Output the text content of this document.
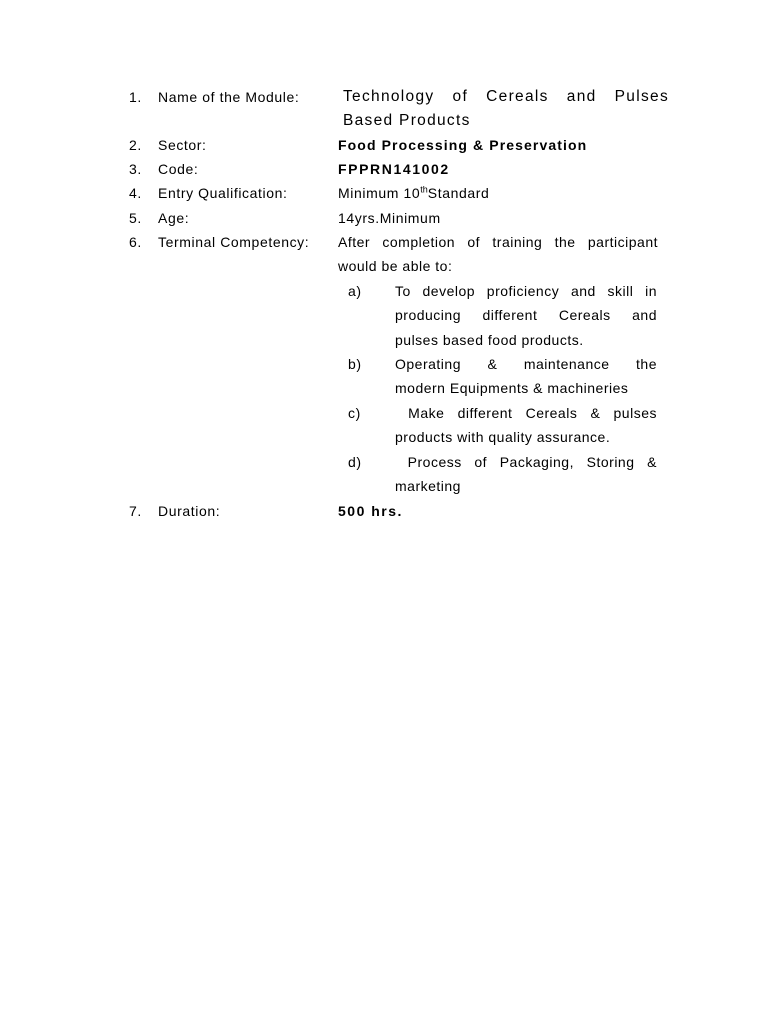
1. Name of the Module:	Technology of Cereals and Pulses
Based Products
2. Sector:	Food Processing & Preservation
3. Code:	FPPRN141002
4. Entry Qualification:	Minimum 10thStandard
5. Age:	14yrs.Minimum
6. Terminal Competency: After completion of training the participant
would be able to:
a) To develop proficiency and skill in
producing different Cereals and
pulses based food products.
b) Operating & maintenance the
modern Equipments & machineries
c) Make different Cereals & pulses
products with quality assurance.
d) Process of Packaging, Storing &
marketing
7. Duration:	500 hrs.
